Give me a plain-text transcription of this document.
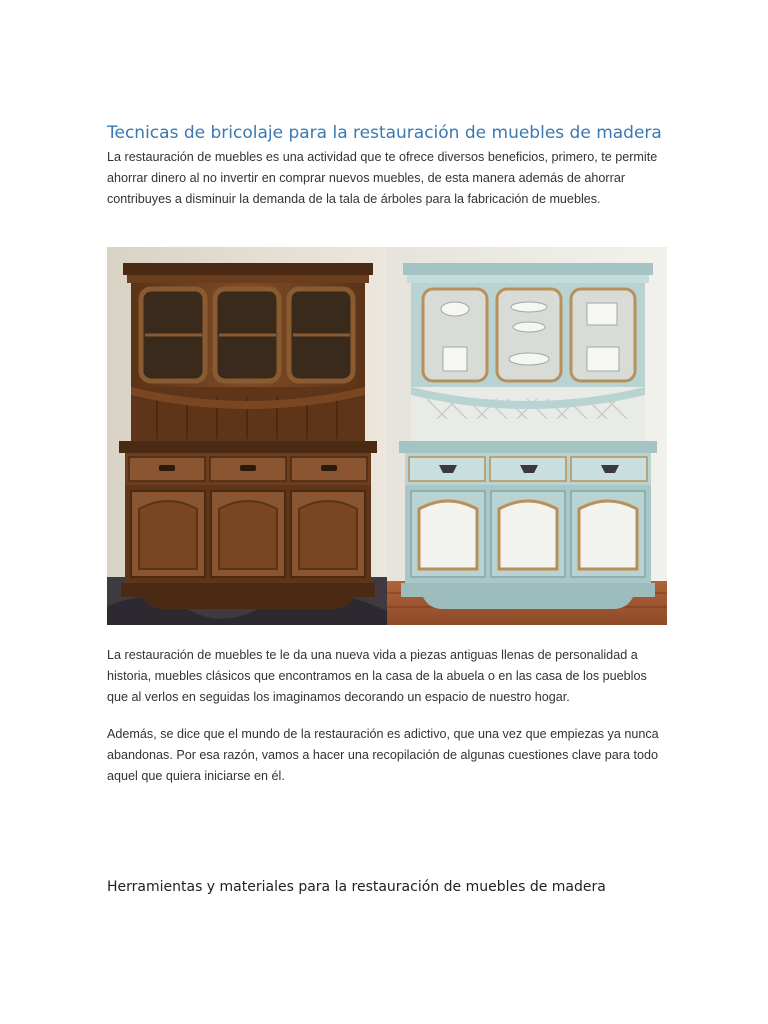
Tecnicas de bricolaje para la restauración de muebles de madera

La restauración de muebles es una actividad que te ofrece diversos beneficios, primero, te permite ahorrar dinero al no invertir en comprar nuevos muebles, de esta manera además de ahorrar contribuyes a disminuir la demanda de la tala de árboles para la fabricación de muebles.

La restauración de muebles te le da una nueva vida a piezas antiguas llenas de personalidad a historia, muebles clásicos que encontramos en la casa de la abuela o en las casa de los pueblos que al verlos en seguidas los imaginamos decorando un espacio de nuestro hogar.

Además, se dice que el mundo de la restauración es adictivo, que una vez que empiezas ya nunca abandonas. Por esa razón, vamos a hacer una recopilación de algunas cuestiones clave para todo aquel que quiera iniciarse en él.

Herramientas y materiales para la restauración de muebles de madera
